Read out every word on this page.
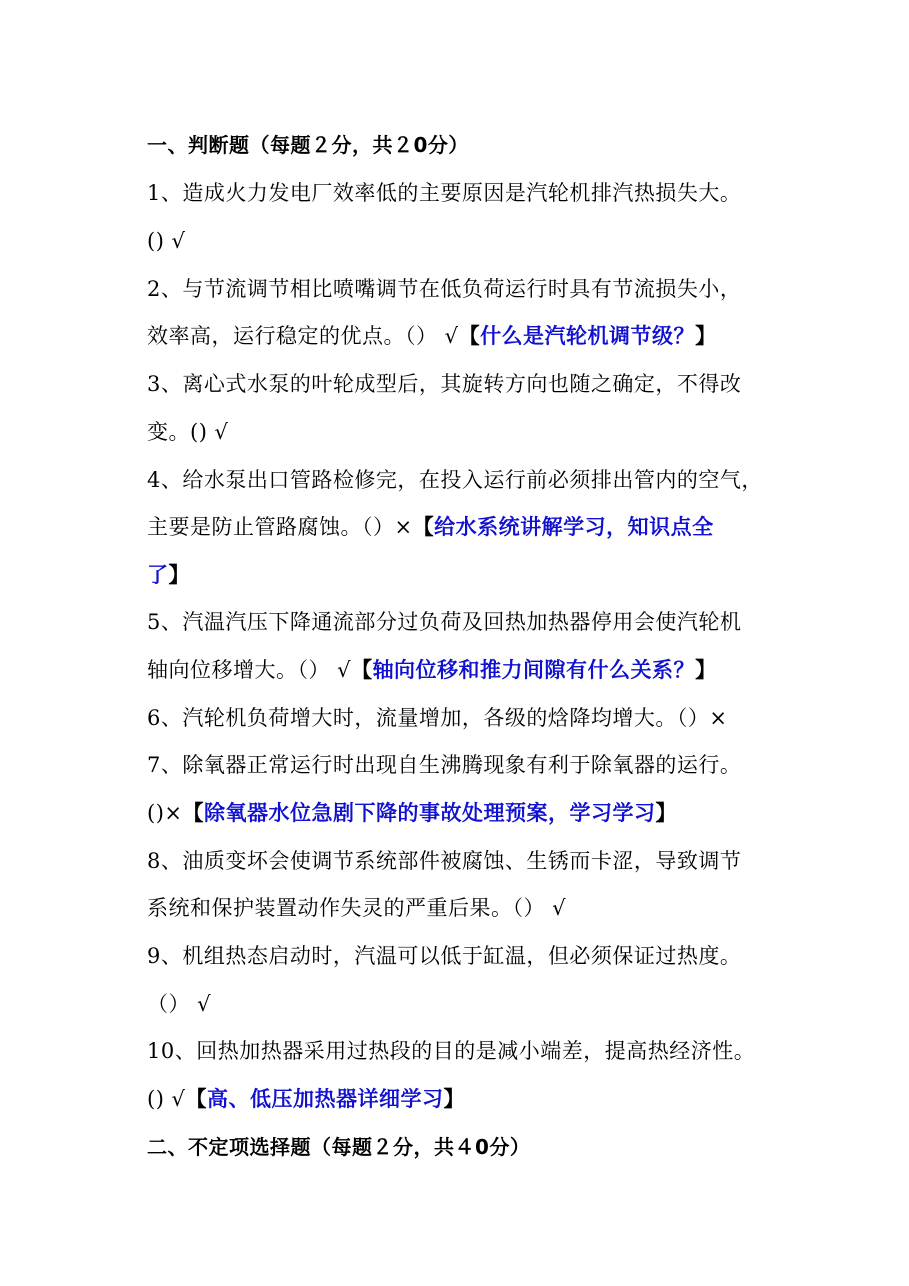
一、判断题（每题２分，共２0分）
1、造成火力发电厂效率低的主要原因是汽轮机排汽热损失大。
() √
2、与节流调节相比喷嘴调节在低负荷运行时具有节流损失小，
效率高，运行稳定的优点。（） √【什么是汽轮机调节级？】
3、离心式水泵的叶轮成型后，其旋转方向也随之确定，不得改
变。() √
4、给水泵出口管路检修完，在投入运行前必须排出管内的空气，
主要是防止管路腐蚀。（）×【给水系统讲解学习，知识点全
了】
5、汽温汽压下降通流部分过负荷及回热加热器停用会使汽轮机
轴向位移增大。（） √【轴向位移和推力间隙有什么关系？】
6、汽轮机负荷增大时，流量增加，各级的焓降均增大。（）×
7、除氧器正常运行时出现自生沸腾现象有利于除氧器的运行。
()×【除氧器水位急剧下降的事故处理预案，学习学习】
8、油质变坏会使调节系统部件被腐蚀、生锈而卡涩，导致调节
系统和保护装置动作失灵的严重后果。（） √
9、机组热态启动时，汽温可以低于缸温，但必须保证过热度。
（） √
10、回热加热器采用过热段的目的是减小端差，提高热经济性。
() √【高、低压加热器详细学习】
二、不定项选择题（每题２分，共４0分）
